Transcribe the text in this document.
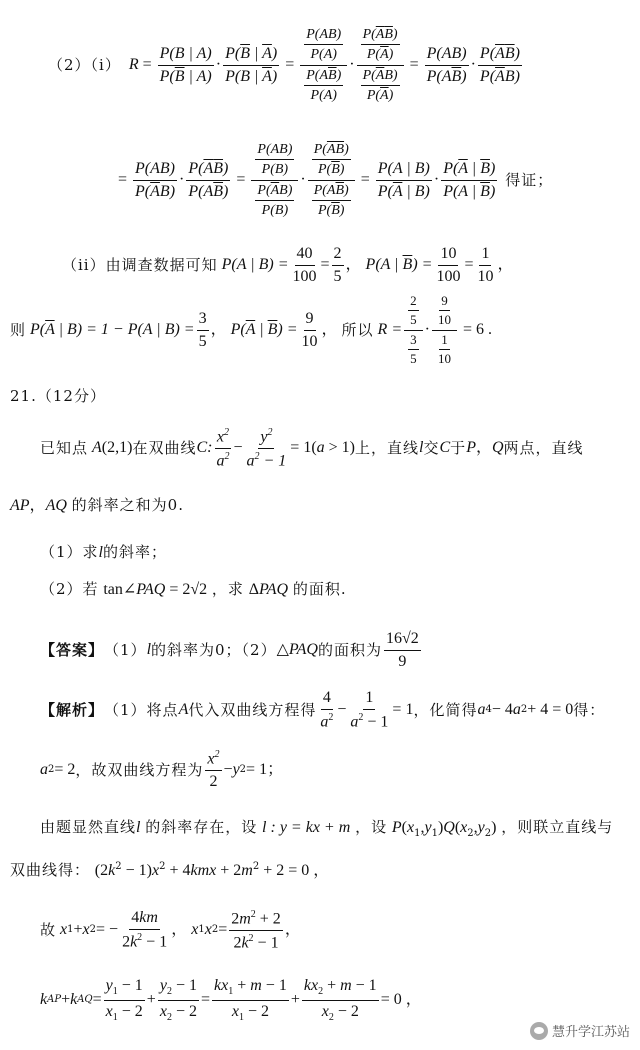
（2）（i） $R = \frac{P(B | A)}{P(\overline{B} | A)} \cdot \frac{P(\overline{B} | \overline{A})}{P(B | \overline{A})} = \frac{\frac{P(AB)}{P(A)}}{\frac{P(A\overline{B})}{P(A)}} \cdot \frac{\frac{P(\overline{A}\overline{B})}{P(\overline{A})}}{\frac{P(\overline{A}B)}{P(\overline{A})}} = \frac{P(AB)}{P(A\overline{B})} \cdot \frac{P(\overline{A}\overline{B})}{P(\overline{A}B)}$
= $\frac{P(AB)}{P(\overline{A}B)} \cdot \frac{P(\overline{A}\overline{B})}{P(A\overline{B})} = \frac{\frac{P(AB)}{P(B)}}{\frac{P(\overline{A}B)}{P(B)}} \cdot \frac{\frac{P(\overline{A}\overline{B})}{P(\overline{B})}}{\frac{P(A\overline{B})}{P(\overline{B})}} = \frac{P(A | B)}{P(\overline{A} | B)} \cdot \frac{P(\overline{A} | \overline{B})}{P(A | \overline{B})}$ 得证；
（ii）由调查数据可知 P(A | $B) = \frac{40}{100} = \frac{2}{5}$ ， P(A | $\overline{B}) = \frac{10}{100} = \frac{1}{10}$ ，
则 $P(\overline{A}$ | B) = 1 − P(A | $B) = \frac{3}{5}$ ， $P(\overline{A}$ | $\overline{B}) = \frac{9}{10}$ ， 所以 $R = \frac{\frac{2}{5}}{\frac{3}{5}} \cdot \frac{\frac{9}{10}}{\frac{1}{10}} = 6$ .
21.（12分）
已知点 A (2,1) 在双曲线 C: $\frac{x^2}{a^2} - \frac{y^2}{a^2 - 1} = 1(a > 1)$ 上，直线 l 交 C 于 P ， Q 两点，直线
AP，AQ 的斜率之和为0.
（1）求l的斜率；
（2）若 tan∠PAQ = 2√2 ，求 ΔPAQ 的面积.
【答案】 （1） l 的斜率为0；（2） △ PAQ 的面积为 $\frac{16√2}{9}$
【解析】 （1）将点 A 代入双曲线方程得 $\frac{4}{a^2} - \frac{1}{a^2 - 1} = 1$ ，化简得 a 4 − 4 a 2 + 4 = 0 得：
a 2 = 2 ，故双曲线方程为 $\frac{x^2}{2} - y$ 2 = 1；
由题显然直线l 的斜率存在，设 l : y = kx + m ，设 $P(x_1,y_1)Q(x_2,y_2)$ ，则联立直线与
双曲线得： $(2k^2 - 1)x^2 + 4kmx + 2m^2 + 2 = 0$ ，
故 x 1 + x 2 = − $\frac{4km}{2k^2 - 1}$ ， x 1 x $2 = \frac{2m^2 + 2}{2k^2 - 1}$ ，
k AP + k AQ = $\frac{y_1 - 1}{x_1 - 2} + \frac{y_2 - 1}{x_2 - 2} = \frac{kx_1 + m - 1}{x_1 - 2} + \frac{kx_2 + m - 1}{x_2 - 2} = 0$ ，
慧升学江苏站
